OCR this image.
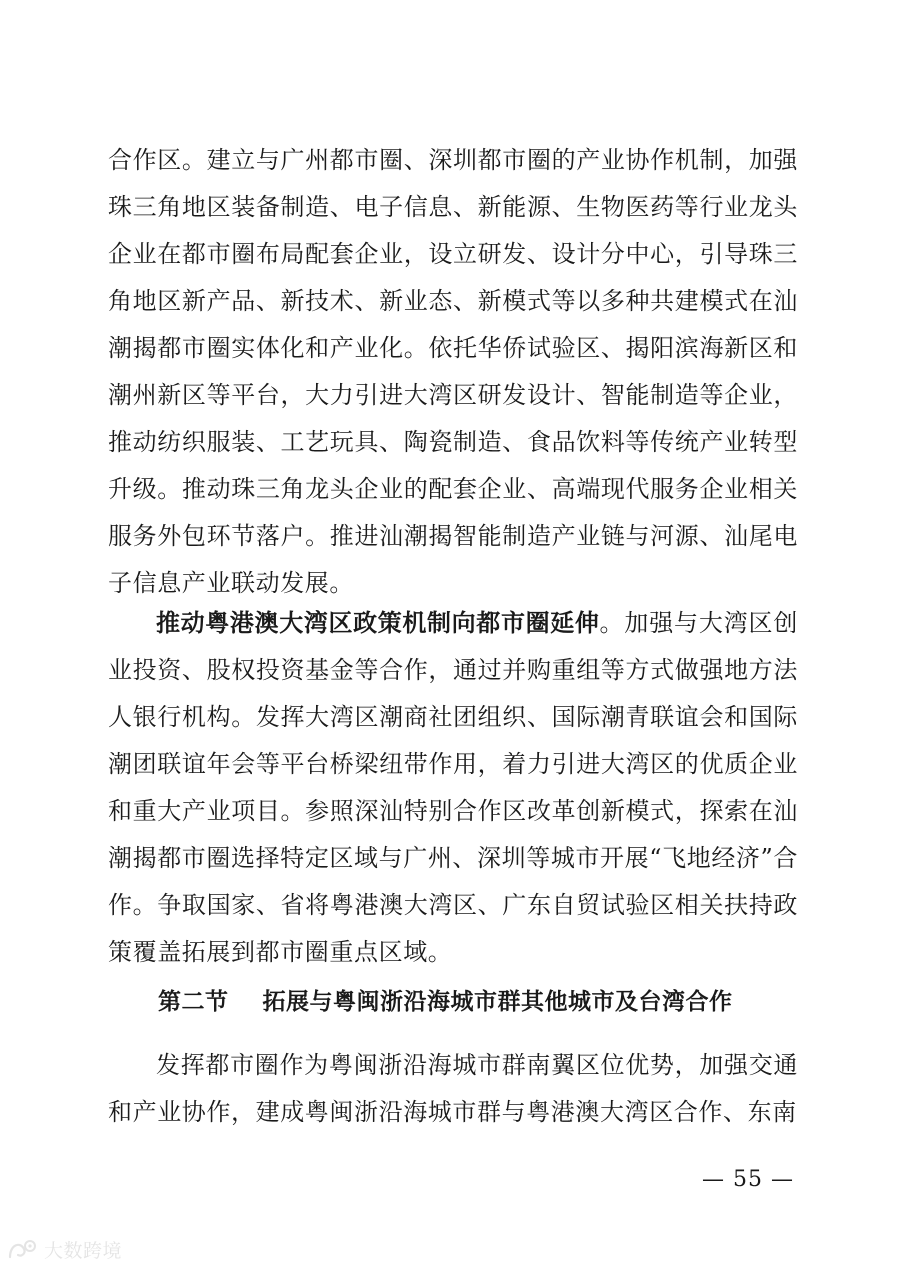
合作区。建立与广州都市圈、深圳都市圈的产业协作机制，加强珠三角地区装备制造、电子信息、新能源、生物医药等行业龙头企业在都市圈布局配套企业，设立研发、设计分中心，引导珠三角地区新产品、新技术、新业态、新模式等以多种共建模式在汕潮揭都市圈实体化和产业化。依托华侨试验区、揭阳滨海新区和潮州新区等平台，大力引进大湾区研发设计、智能制造等企业，推动纺织服装、工艺玩具、陶瓷制造、食品饮料等传统产业转型升级。推动珠三角龙头企业的配套企业、高端现代服务企业相关服务外包环节落户。推进汕潮揭智能制造产业链与河源、汕尾电子信息产业联动发展。

推动粤港澳大湾区政策机制向都市圈延伸。加强与大湾区创业投资、股权投资基金等合作，通过并购重组等方式做强地方法人银行机构。发挥大湾区潮商社团组织、国际潮青联谊会和国际潮团联谊年会等平台桥梁纽带作用，着力引进大湾区的优质企业和重大产业项目。参照深汕特别合作区改革创新模式，探索在汕潮揭都市圈选择特定区域与广州、深圳等城市开展“飞地经济”合作。争取国家、省将粤港澳大湾区、广东自贸试验区相关扶持政策覆盖拓展到都市圈重点区域。

第二节    拓展与粤闽浙沿海城市群其他城市及台湾合作

发挥都市圈作为粤闽浙沿海城市群南翼区位优势，加强交通和产业协作，建成粤闽浙沿海城市群与粤港澳大湾区合作、东南

— 55 —
大数跨境
